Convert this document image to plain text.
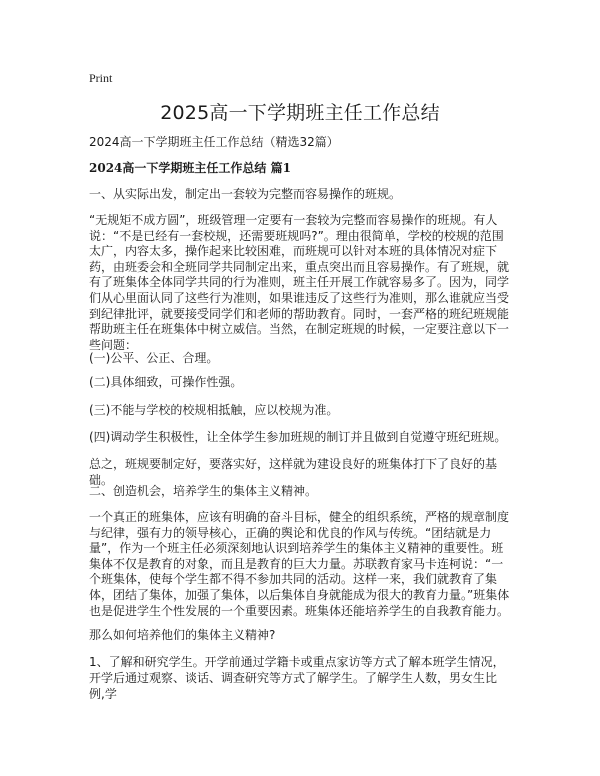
Print
2025高一下学期班主任工作总结

2024高一下学期班主任工作总结（精选32篇）

2024高一下学期班主任工作总结 篇1

一、从实际出发，制定出一套较为完整而容易操作的班规。

“无规矩不成方圆”，班级管理一定要有一套较为完整而容易操作的班规。有人说：“不是已经有一套校规，还需要班规吗?”。理由很简单，学校的校规的范围太广，内容太多，操作起来比较困难，而班规可以针对本班的具体情况对症下药，由班委会和全班同学共同制定出来，重点突出而且容易操作。有了班规，就有了班集体全体同学共同的行为准则，班主任开展工作就容易多了。因为，同学们从心里面认同了这些行为准则，如果谁违反了这些行为准则，那么谁就应当受到纪律批评，就要接受同学们和老师的帮助教育。同时，一套严格的班纪班规能帮助班主任在班集体中树立威信。当然，在制定班规的时候，一定要注意以下一些问题：

(一)公平、公正、合理。

(二)具体细致，可操作性强。

(三)不能与学校的校规相抵触，应以校规为准。

(四)调动学生积极性，让全体学生参加班规的制订并且做到自觉遵守班纪班规。

总之，班规要制定好，要落实好，这样就为建设良好的班集体打下了良好的基础。

二、创造机会，培养学生的集体主义精神。

一个真正的班集体，应该有明确的奋斗目标，健全的组织系统，严格的规章制度与纪律，强有力的领导核心，正确的舆论和优良的作风与传统。“团结就是力量”，作为一个班主任必须深刻地认识到培养学生的集体主义精神的重要性。班集体不仅是教育的对象，而且是教育的巨大力量。苏联教育家马卡连柯说：“一个班集体，使每个学生都不得不参加共同的活动。这样一来，我们就教育了集体，团结了集体，加强了集体，以后集体自身就能成为很大的教育力量。”班集体也是促进学生个性发展的一个重要因素。班集体还能培养学生的自我教育能力。

那么如何培养他们的集体主义精神?

1、了解和研究学生。开学前通过学籍卡或重点家访等方式了解本班学生情况，开学后通过观察、谈话、调查研究等方式了解学生。了解学生人数，男女生比例,学
